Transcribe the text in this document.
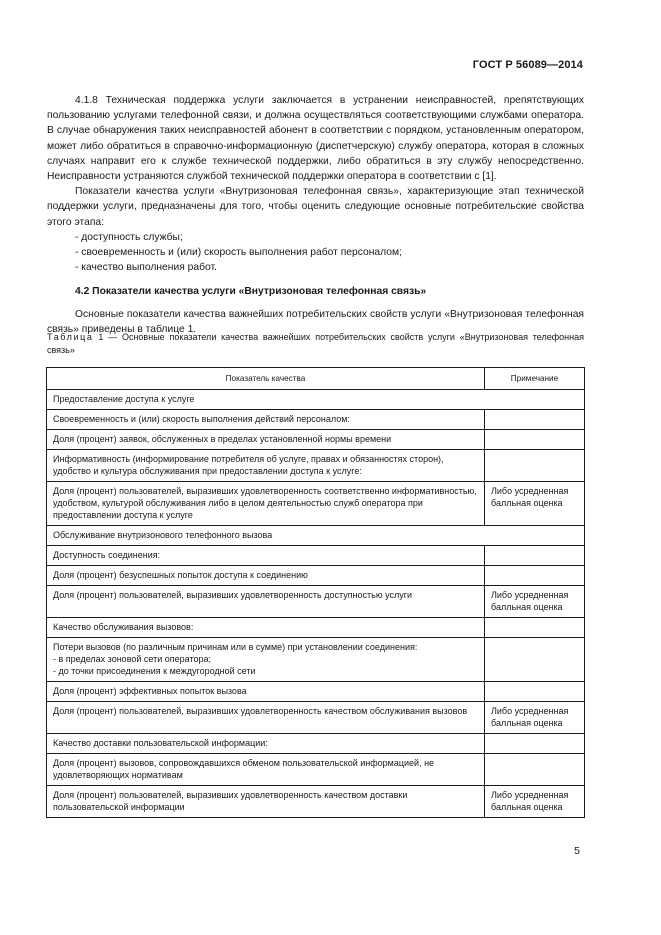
ГОСТ Р 56089—2014

4.1.8 Техническая поддержка услуги заключается в устранении неисправностей, препятствующих пользованию услугами телефонной связи, и должна осуществляться соответствующими службами оператора. В случае обнаружения таких неисправностей абонент в соответствии с порядком, установленным оператором, может либо обратиться в справочно-информационную (диспетчерскую) службу оператора, которая в сложных случаях направит его к службе технической поддержки, либо обратиться в эту службу непосредственно. Неисправности устраняются службой технической поддержки оператора в соответствии с [1].

Показатели качества услуги «Внутризоновая телефонная связь», характеризующие этап технической поддержки услуги, предназначены для того, чтобы оценить следующие основные потребительские свойства этого этапа:

- доступность службы;
- своевременность и (или) скорость выполнения работ персоналом;
- качество выполнения работ.

4.2 Показатели качества услуги «Внутризоновая телефонная связь»

Основные показатели качества важнейших потребительских свойств услуги «Внутризоновая телефонная связь» приведены в таблице 1.

Таблица 1 — Основные показатели качества важнейших потребительских свойств услуги «Внутризоновая телефонная связь»
Показатель качества	Примечание
Предоставление доступа к услуге	
Своевременность и (или) скорость выполнения действий персоналом:	
Доля (процент) заявок, обслуженных в пределах установленной нормы времени	
Информативность (информирование потребителя об услуге, правах и обязанностях сторон), удобство и культура обслуживания при предоставлении доступа к услуге:	
Доля (процент) пользователей, выразивших удовлетворенность соответственно информативностью, удобством, культурой обслуживания либо в целом деятельностью служб оператора при предоставлении доступа к услуге	Либо усредненная балльная оценка
Обслуживание внутризонового телефонного вызова	
Доступность соединения:	
Доля (процент) безуспешных попыток доступа к соединению	
Доля (процент) пользователей, выразивших удовлетворенность доступностью услуги	Либо усредненная балльная оценка
Качество обслуживания вызовов:	

Потери вызовов (по различным причинам или в сумме) при установлении соединения:
- в пределах зоновой сети оператора;
- до точки присоединения к междугородной сети	

Доля (процент) эффективных попыток вызова	
Доля (процент) пользователей, выразивших удовлетворенность качеством обслуживания вызовов	Либо усредненная балльная оценка
Качество доставки пользовательской информации:	
Доля (процент) вызовов, сопровождавшихся обменом пользовательской информацией, не удовлетворяющих нормативам	
Доля (процент) пользователей, выразивших удовлетворенность качеством доставки пользовательской информации	Либо усредненная балльная оценка
5
